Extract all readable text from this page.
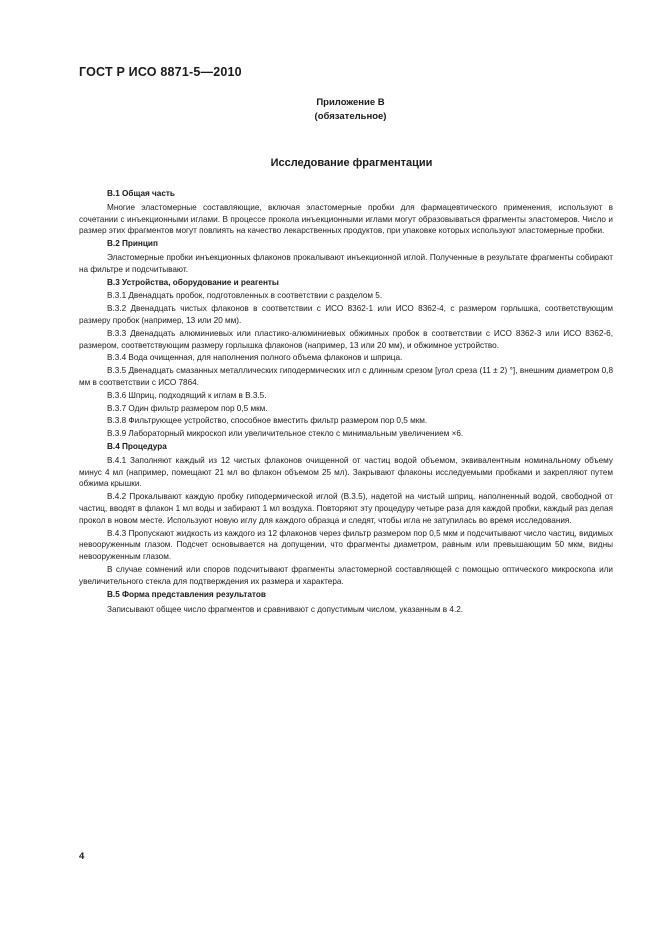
ГОСТ Р ИСО 8871-5—2010
Приложение В
(обязательное)
Исследование фрагментации
В.1 Общая часть

Многие эластомерные составляющие, включая эластомерные пробки для фармацевтического применения, используют в сочетании с инъекционными иглами. В процессе прокола инъекционными иглами могут образовываться фрагменты эластомеров. Число и размер этих фрагментов могут повлиять на качество лекарственных продуктов, при упаковке которых используют эластомерные пробки.

В.2 Принцип

Эластомерные пробки инъекционных флаконов прокалывают инъекционной иглой. Полученные в результате фрагменты собирают на фильтре и подсчитывают.

В.3 Устройства, оборудование и реагенты

В.3.1 Двенадцать пробок, подготовленных в соответствии с разделом 5.

В.3.2 Двенадцать чистых флаконов в соответствии с ИСО 8362-1 или ИСО 8362-4, с размером горлышка, соответствующим размеру пробок (например, 13 или 20 мм).

В.3.3 Двенадцать алюминиевых или пластико-алюминиевых обжимных пробок в соответствии с ИСО 8362-3 или ИСО 8362-6, размером, соответствующим размеру горлышка флаконов (например, 13 или 20 мм), и обжимное устройство.

В.3.4 Вода очищенная, для наполнения полного объема флаконов и шприца.

В.3.5 Двенадцать смазанных металлических гиподермических игл с длинным срезом [угол среза (11 ± 2) °], внешним диаметром 0,8 мм в соответствии с ИСО 7864.

В.3.6 Шприц, подходящий к иглам в В.3.5.

В.3.7 Один фильтр размером пор 0,5 мкм.

В.3.8 Фильтрующее устройство, способное вместить фильтр размером пор 0,5 мкм.

В.3.9 Лабораторный микроскоп или увеличительное стекло с минимальным увеличением ×6.

В.4 Процедура

В.4.1 Заполняют каждый из 12 чистых флаконов очищенной от частиц водой объемом, эквивалентным номинальному объему минус 4 мл (например, помещают 21 мл во флакон объемом 25 мл). Закрывают флаконы исследуемыми пробками и закрепляют путем обжима крышки.

В.4.2 Прокалывают каждую пробку гиподермической иглой (В.3.5), надетой на чистый шприц, наполненный водой, свободной от частиц, вводят в флакон 1 мл воды и забирают 1 мл воздуха. Повторяют эту процедуру четыре раза для каждой пробки, каждый раз делая прокол в новом месте. Используют новую иглу для каждого образца и следят, чтобы игла не затупилась во время исследования.

В.4.3 Пропускают жидкость из каждого из 12 флаконов через фильтр размером пор 0,5 мкм и подсчитывают число частиц, видимых невооруженным глазом. Подсчет основывается на допущении, что фрагменты диаметром, равным или превышающим 50 мкм, видны невооруженным глазом.

В случае сомнений или споров подсчитывают фрагменты эластомерной составляющей с помощью оптического микроскопа или увеличительного стекла для подтверждения их размера и характера.

В.5 Форма представления результатов

Записывают общее число фрагментов и сравнивают с допустимым числом, указанным в 4.2.

4
